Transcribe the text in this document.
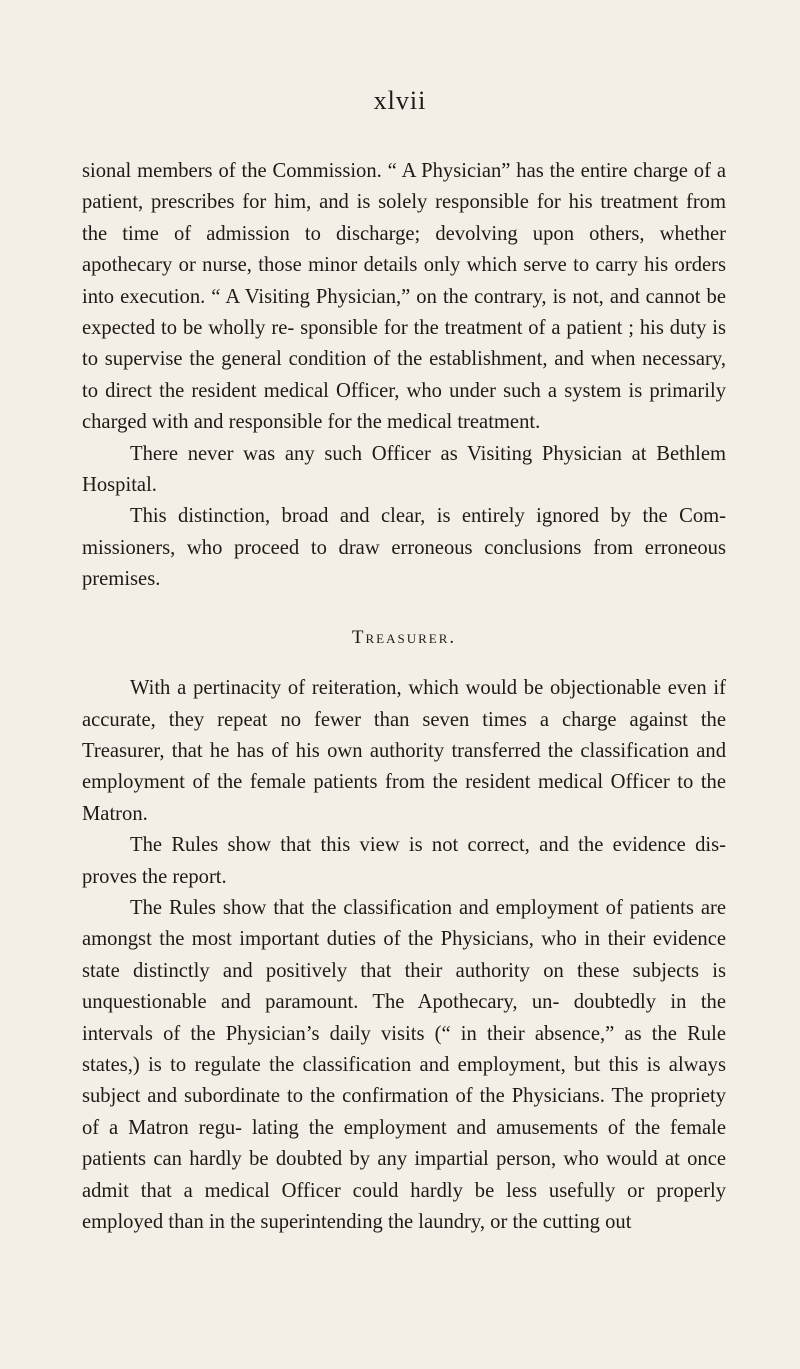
xlvii

sional members of the Commission. “ A Physician” has the entire charge of a patient, prescribes for him, and is solely responsible for his treatment from the time of admission to discharge; devolving upon others, whether apothecary or nurse, those minor details only which serve to carry his orders into execution. “ A Visiting Physician,” on the contrary, is not, and cannot be expected to be wholly re- sponsible for the treatment of a patient ; his duty is to supervise the general condition of the establishment, and when necessary, to direct the resident medical Officer, who under such a system is primarily charged with and responsible for the medical treatment.

There never was any such Officer as Visiting Physician at Bethlem Hospital.

This distinction, broad and clear, is entirely ignored by the Com- missioners, who proceed to draw erroneous conclusions from erroneous premises.

Treasurer.

With a pertinacity of reiteration, which would be objectionable even if accurate, they repeat no fewer than seven times a charge against the Treasurer, that he has of his own authority transferred the classification and employment of the female patients from the resident medical Officer to the Matron.

The Rules show that this view is not correct, and the evidence dis- proves the report.

The Rules show that the classification and employment of patients are amongst the most important duties of the Physicians, who in their evidence state distinctly and positively that their authority on these subjects is unquestionable and paramount. The Apothecary, un- doubtedly in the intervals of the Physician’s daily visits (“ in their absence,” as the Rule states,) is to regulate the classification and employment, but this is always subject and subordinate to the confirmation of the Physicians. The propriety of a Matron regu- lating the employment and amusements of the female patients can hardly be doubted by any impartial person, who would at once admit that a medical Officer could hardly be less usefully or properly employed than in the superintending the laundry, or the cutting out
